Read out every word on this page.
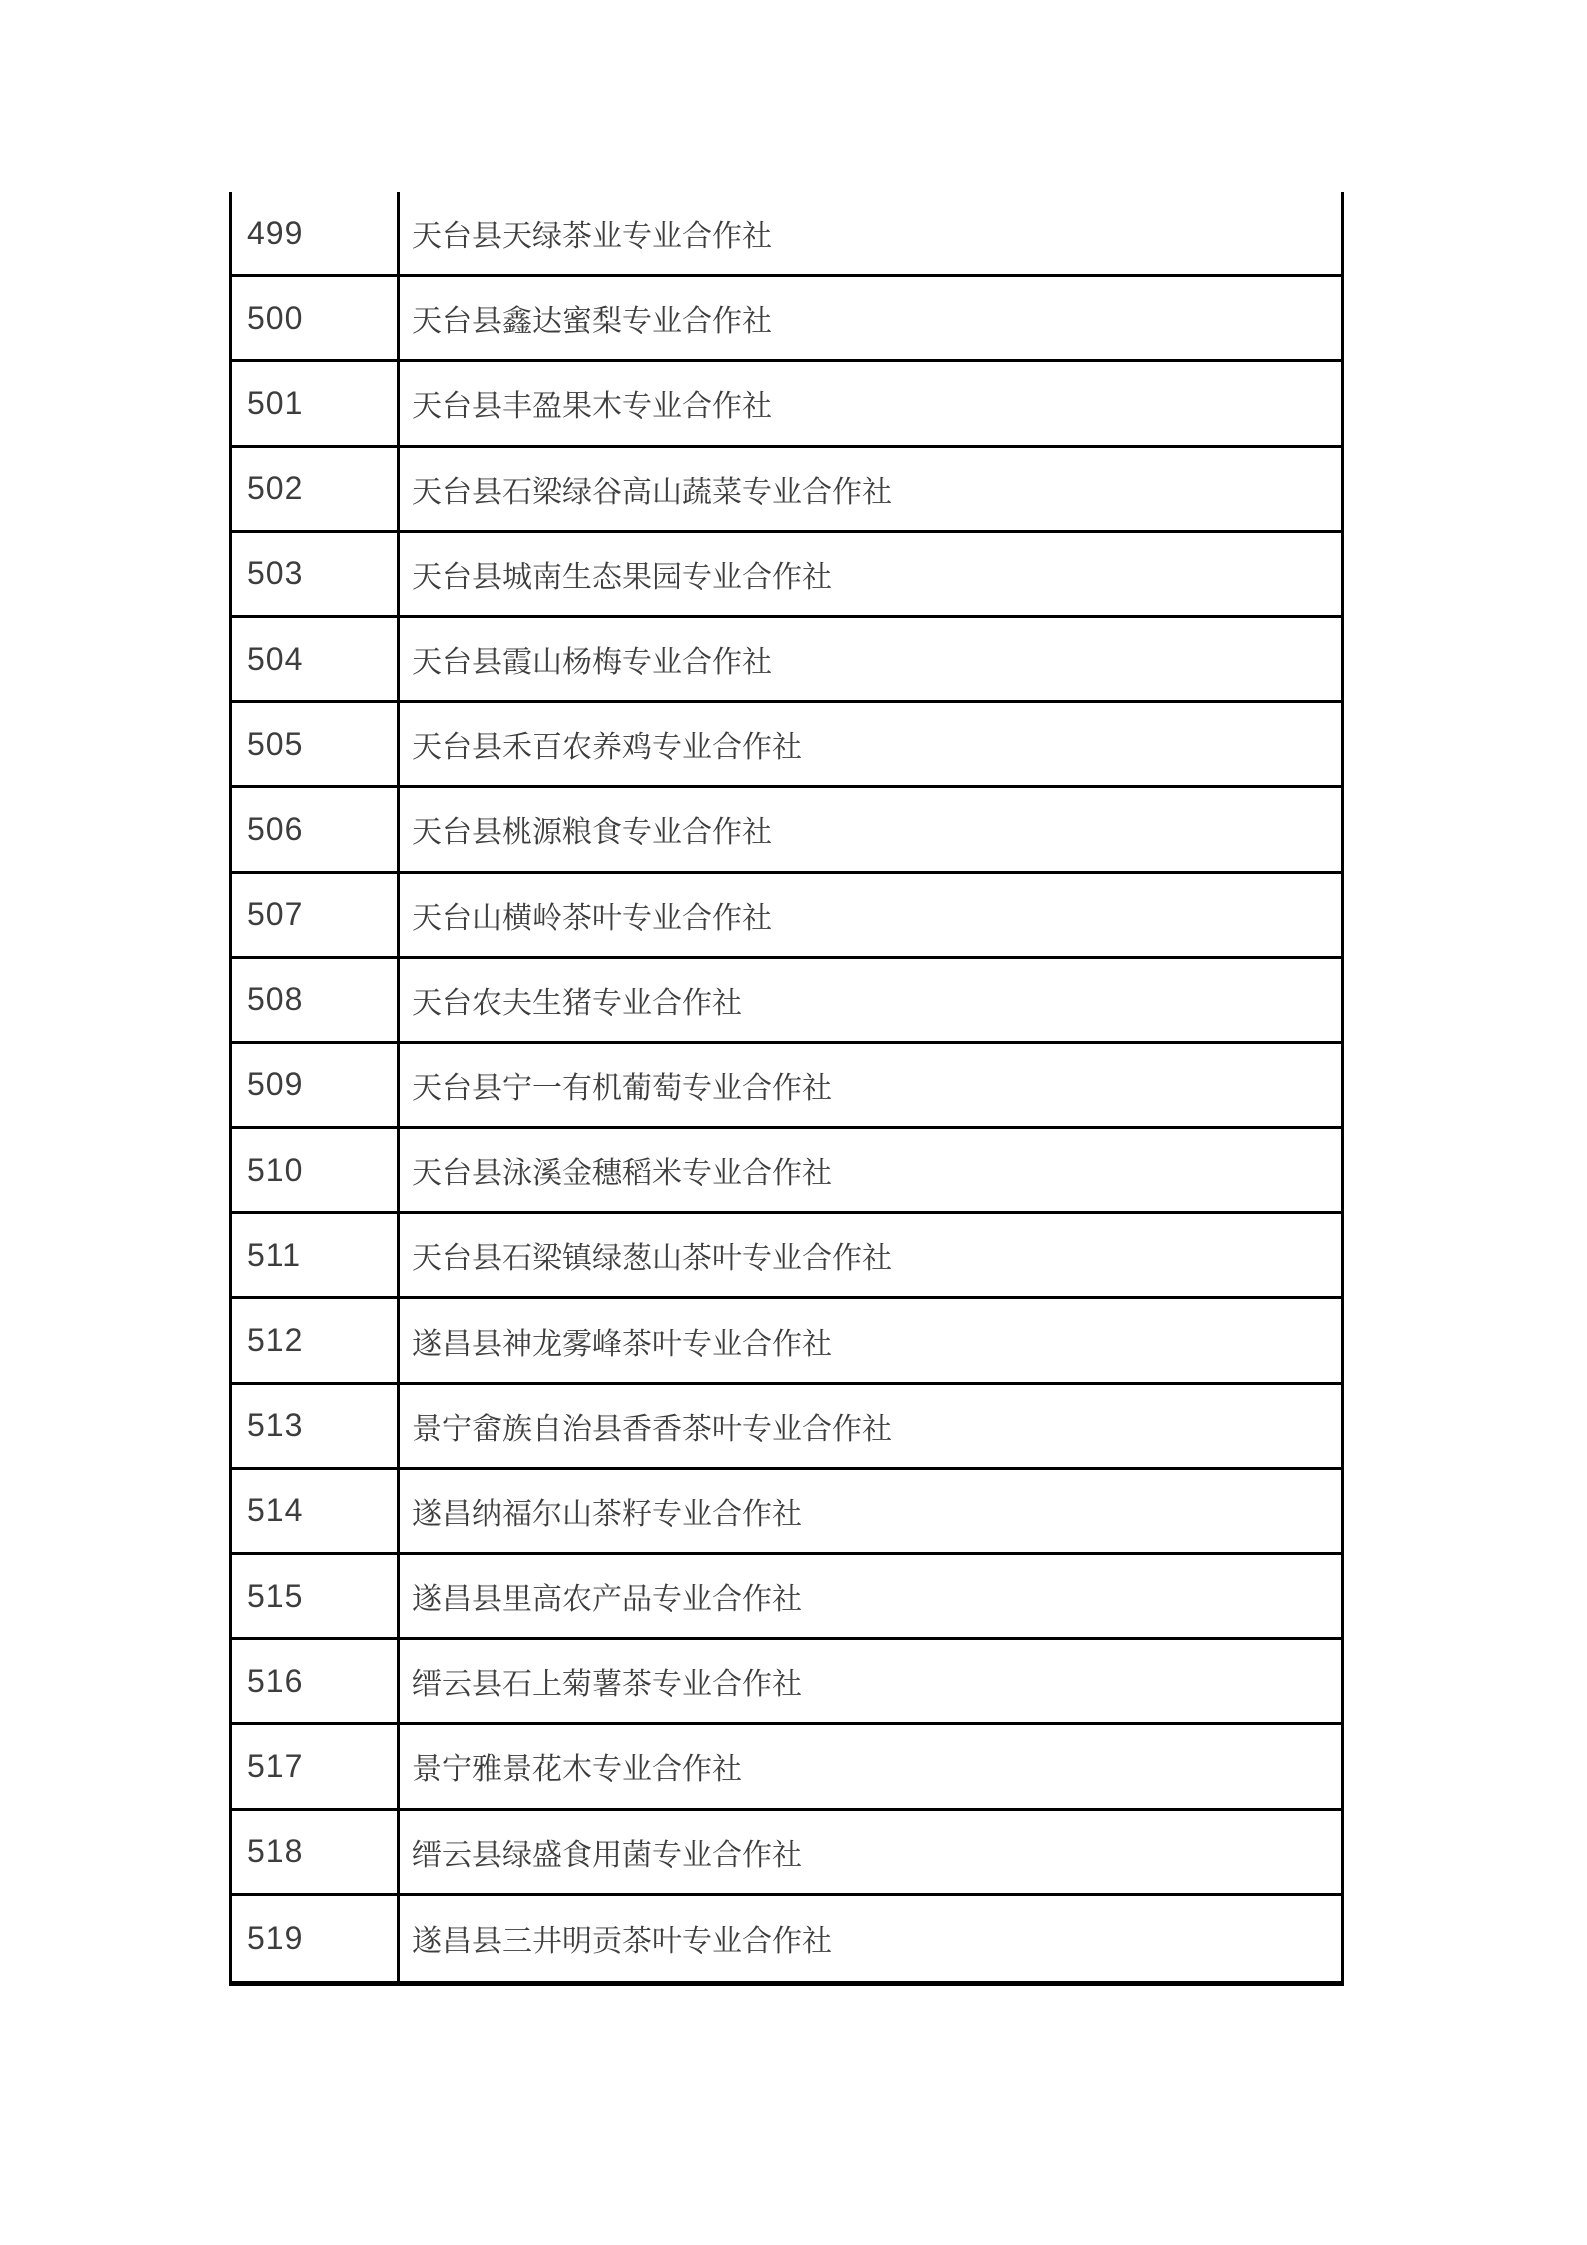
499	天台县天绿茶业专业合作社
500	天台县鑫达蜜梨专业合作社
501	天台县丰盈果木专业合作社
502	天台县石梁绿谷高山蔬菜专业合作社
503	天台县城南生态果园专业合作社
504	天台县霞山杨梅专业合作社
505	天台县禾百农养鸡专业合作社
506	天台县桃源粮食专业合作社
507	天台山横岭茶叶专业合作社
508	天台农夫生猪专业合作社
509	天台县宁一有机葡萄专业合作社
510	天台县泳溪金穗稻米专业合作社
511	天台县石梁镇绿葱山茶叶专业合作社
512	遂昌县神龙雾峰茶叶专业合作社
513	景宁畲族自治县香香茶叶专业合作社
514	遂昌纳福尔山茶籽专业合作社
515	遂昌县里高农产品专业合作社
516	缙云县石上菊薯茶专业合作社
517	景宁雅景花木专业合作社
518	缙云县绿盛食用菌专业合作社
519	遂昌县三井明贡茶叶专业合作社
